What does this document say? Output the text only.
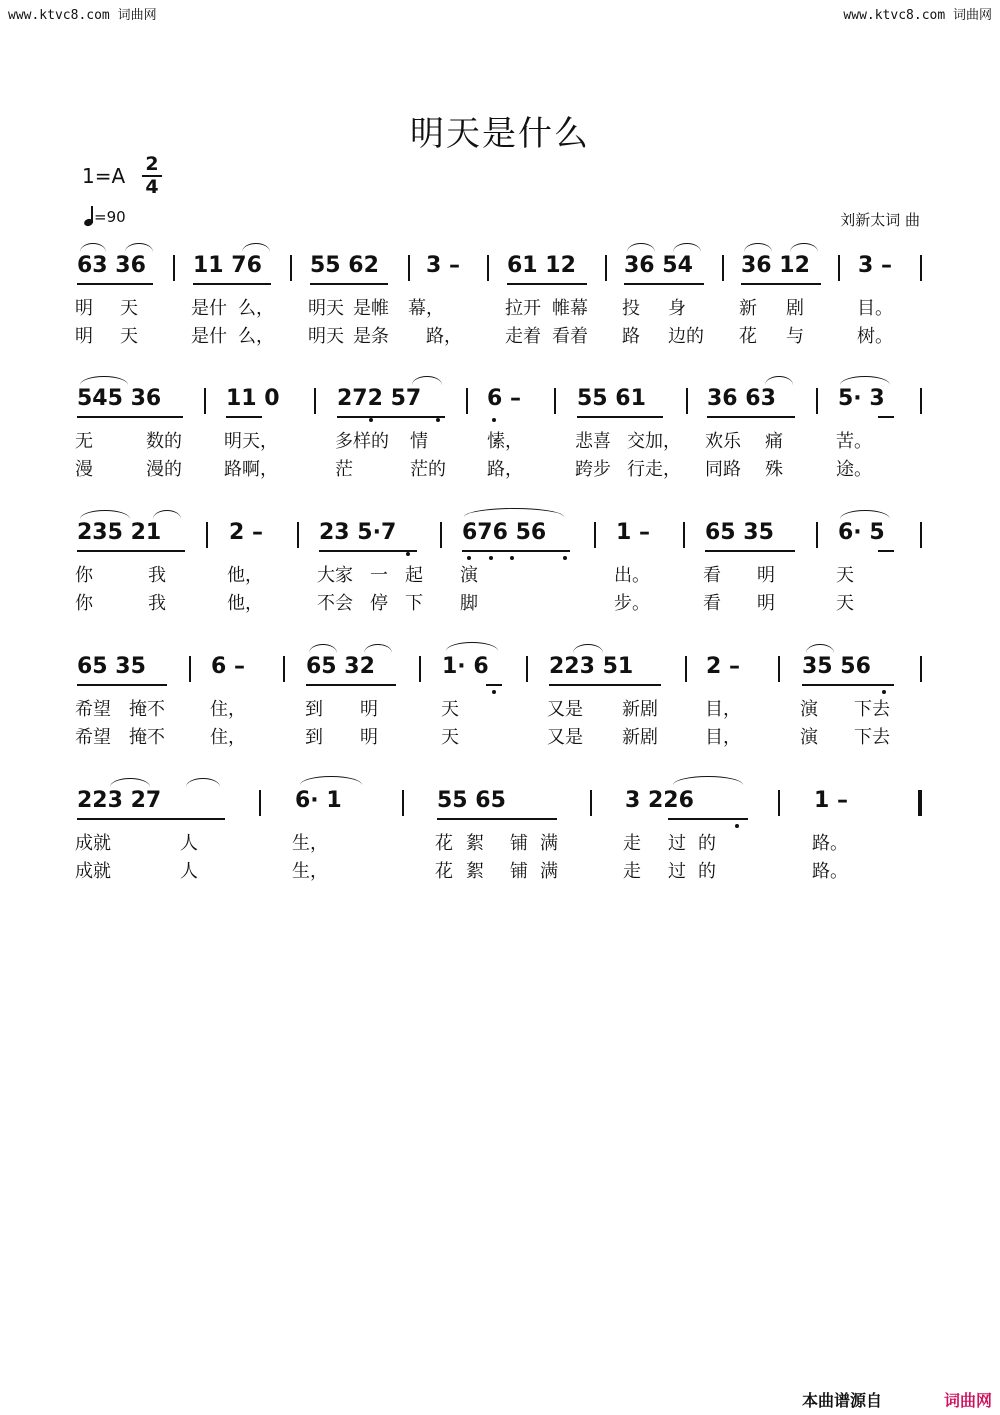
www.ktvc8.com 词曲网	www.ktvc8.com 词曲网
明天是什么
$1=A \frac{2}{4}$
=90	刘新太词 曲
63 36 11 76 55 62 3 – 61 12 36 54 36 12 3 –
明 天	是什 么， 明天 是帷 幕，	拉开 帷幕 投 身	新 剧	目。
明 天	是什 么， 明天 是条 路， 走着 看着 路 边的 花 与	树。
545 36	11 0	272 57	6 –	55 61	36 63	5· 3
无	数的 明天，	多样的 情	愫，	悲喜 交加， 欢乐 痛	苦。
漫	漫的 路啊，	茫	茫的 路，	跨步 行走， 同路 殊	途。
235 21	2 –	23 5·7	676 56	1 –	65 35	6· 5
你	我	他，	大家 一 起 演	出。	看 明	天
你	我	他，	不会 停 下 脚	步。	看 明	天
65 35	6 –	65 32	1· 6	223 51	2 –	35 56
希望 掩不	住，	到 明	天	又是 新剧	目，	演 下去
希望 掩不	住，	到 明	天	又是 新剧	目，	演 下去
223 27	6· 1	55 65	3 226	1 –
成就	人	生，	花 絮 铺 满	走 过 的	路。
成就	人	生，	花 絮 铺 满	走 过 的	路。
本曲谱源自	词曲网
